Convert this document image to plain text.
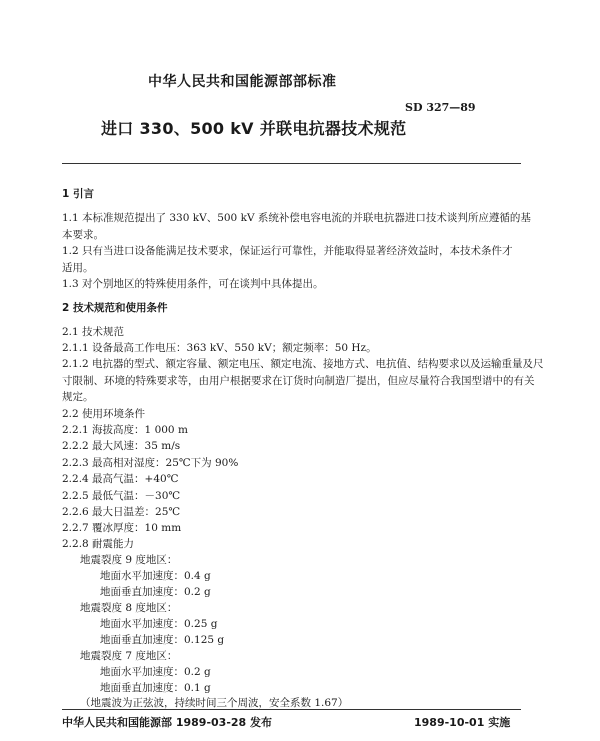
中华人民共和国能源部部标准
SD 327—89
进口 330、500 kV 并联电抗器技术规范
1 引言
1.1 本标准规范提出了 330 kV、500 kV 系统补偿电容电流的并联电抗器进口技术谈判所应遵循的基
本要求。
1.2 只有当进口设备能满足技术要求，保证运行可靠性，并能取得显著经济效益时，本技术条件才
适用。
1.3 对个别地区的特殊使用条件，可在谈判中具体提出。
2 技术规范和使用条件
2.1 技术规范
2.1.1 设备最高工作电压：363 kV、550 kV；额定频率：50 Hz。
2.1.2 电抗器的型式、额定容量、额定电压、额定电流、接地方式、电抗值、结构要求以及运输重量及尺
寸限制、环境的特殊要求等，由用户根据要求在订货时向制造厂提出，但应尽量符合我国型谱中的有关
规定。
2.2 使用环境条件
2.2.1 海拔高度：1 000 m
2.2.2 最大风速：35 m/s
2.2.3 最高相对湿度：25℃下为 90%
2.2.4 最高气温：+40℃
2.2.5 最低气温：－30℃
2.2.6 最大日温差：25℃
2.2.7 覆冰厚度：10 mm
2.2.8 耐震能力
地震裂度 9 度地区：
地面水平加速度：0.4 g
地面垂直加速度：0.2 g
地震裂度 8 度地区：
地面水平加速度：0.25 g
地面垂直加速度：0.125 g
地震裂度 7 度地区：
地面水平加速度：0.2 g
地面垂直加速度：0.1 g
（地震波为正弦波，持续时间三个周波，安全系数 1.67）
中华人民共和国能源部 1989-03-28 发布	1989-10-01 实施
